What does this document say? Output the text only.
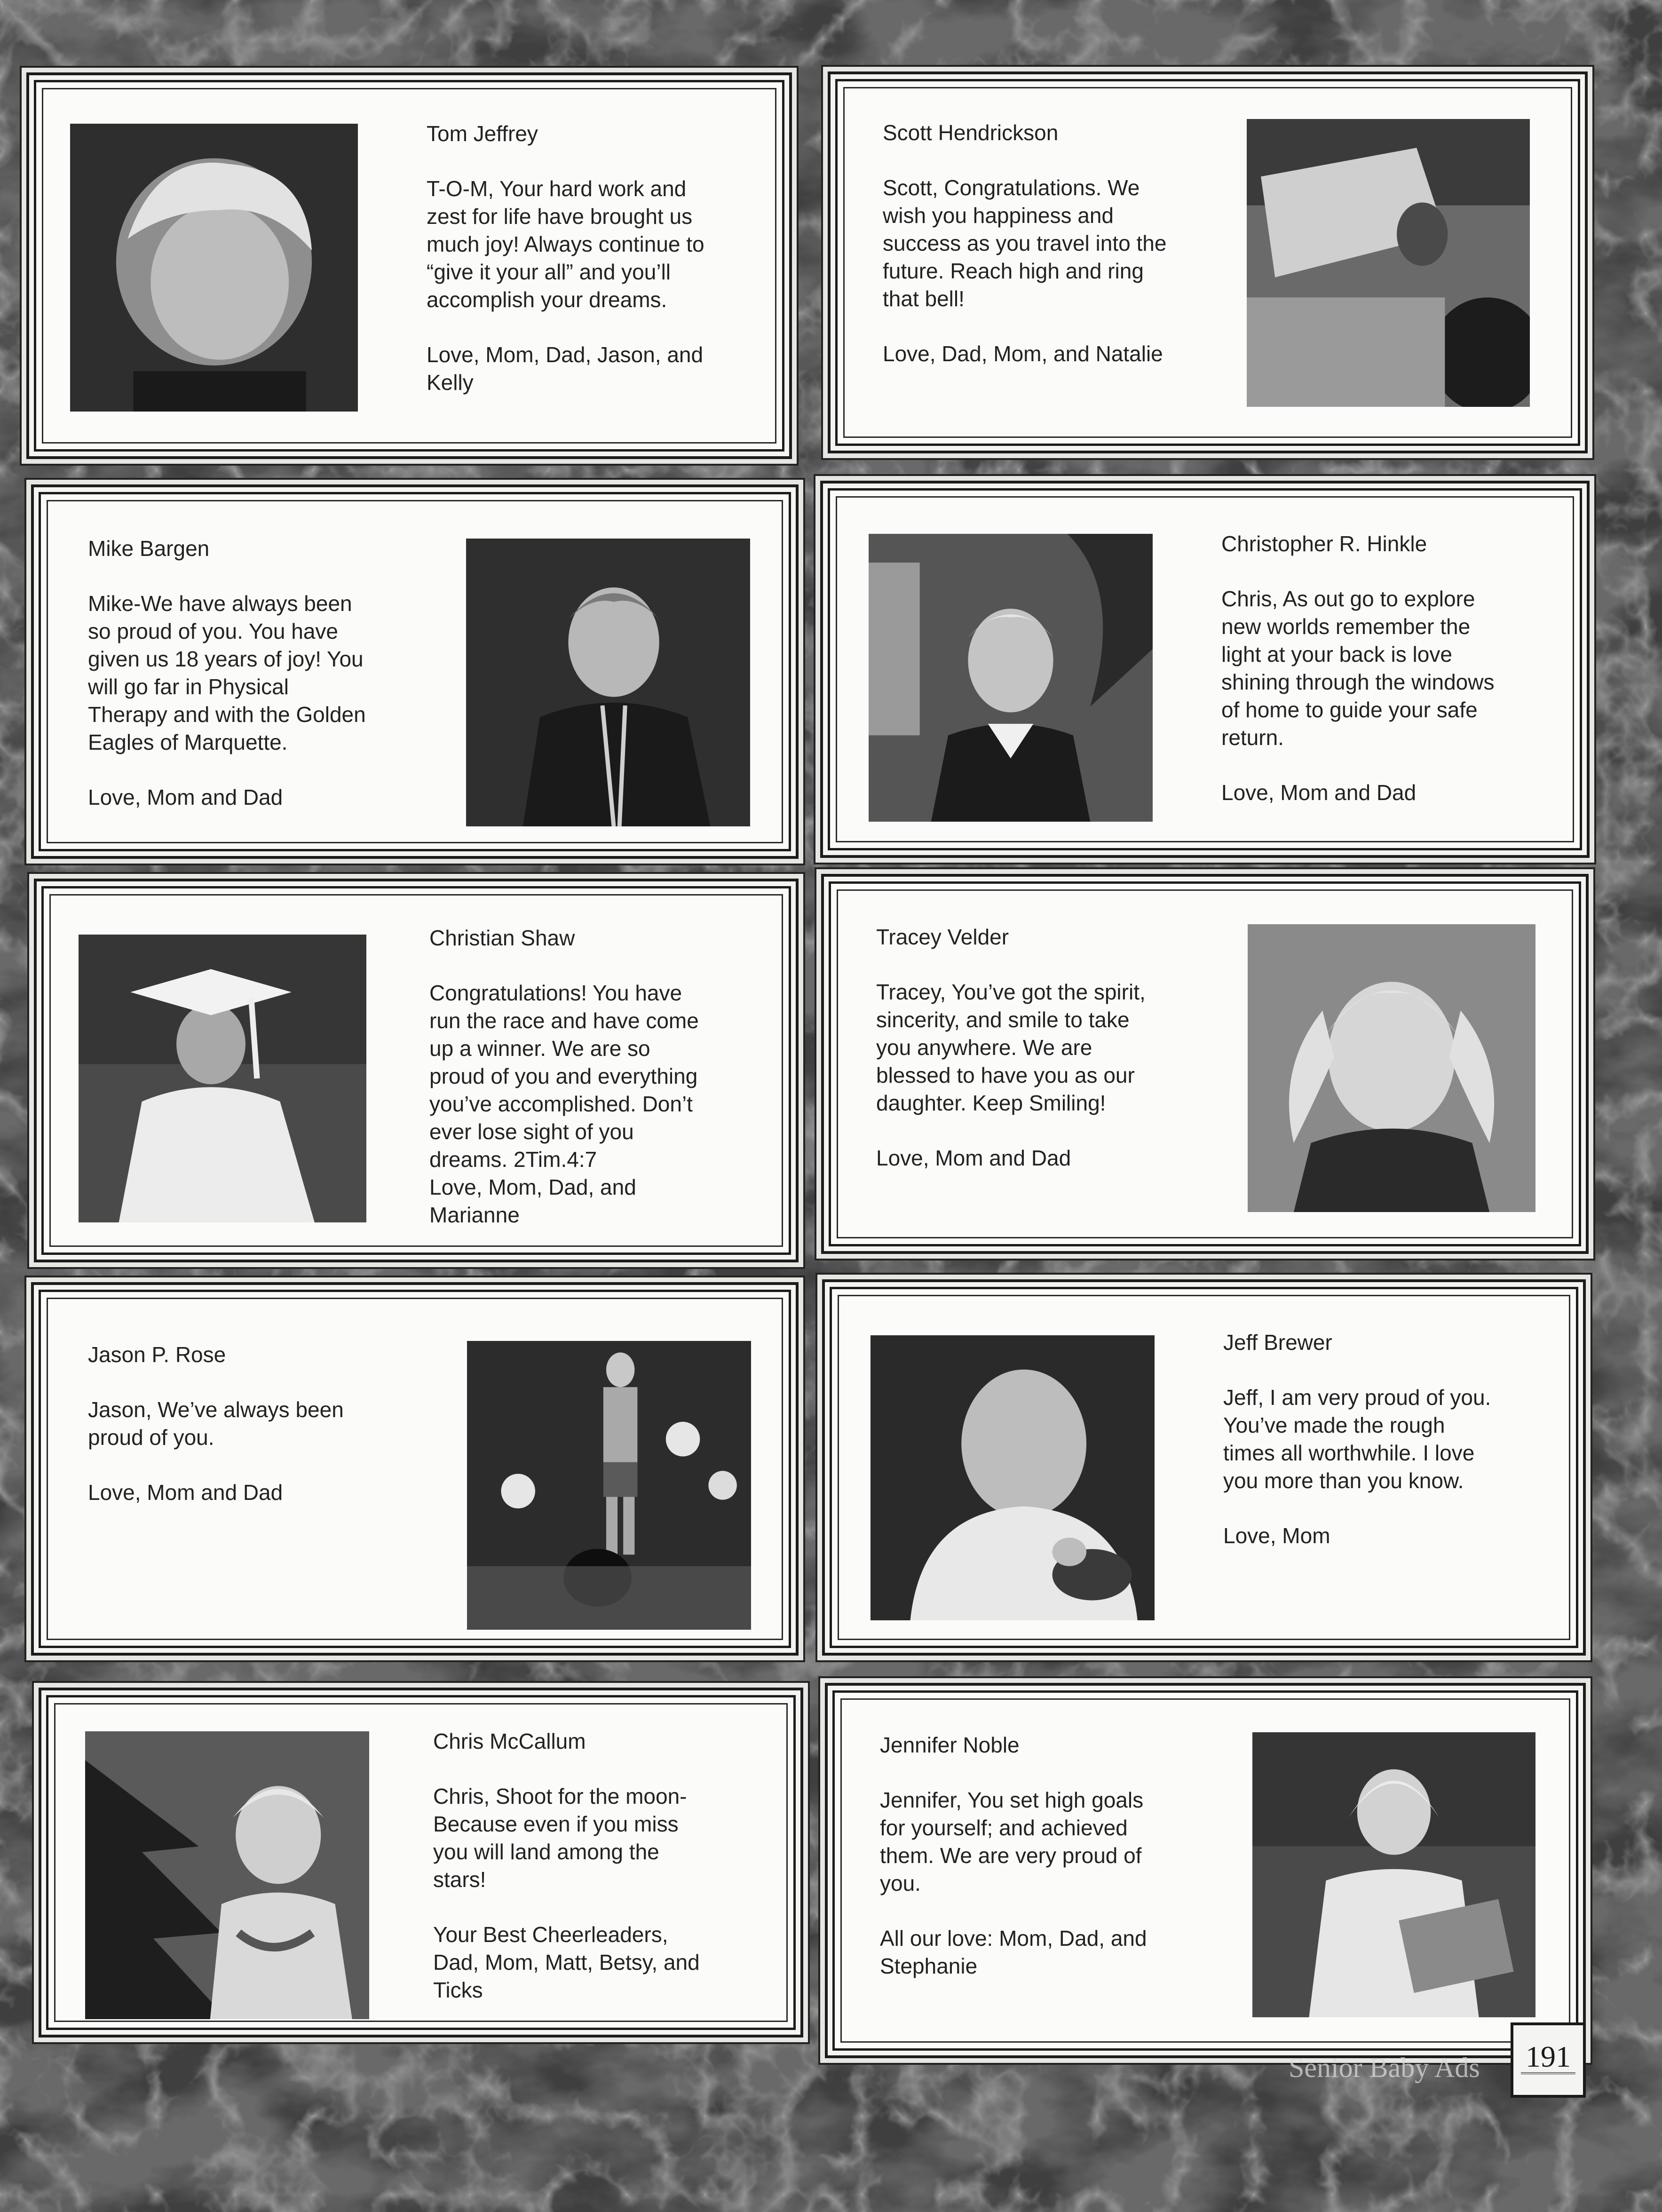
Tom Jeffrey
T-O-M, Your hard work and
zest for life have brought us
much joy! Always continue to
“give it your all” and you’ll
accomplish your dreams.
Love, Mom, Dad, Jason, and
Kelly
Scott Hendrickson
Scott, Congratulations. We
wish you happiness and
success as you travel into the
future. Reach high and ring
that bell!
Love, Dad, Mom, and Natalie
Mike Bargen
Mike-We have always been
so proud of you. You have
given us 18 years of joy! You
will go far in Physical
Therapy and with the Golden
Eagles of Marquette.
Love, Mom and Dad
Christopher R. Hinkle
Chris, As out go to explore
new worlds remember the
light at your back is love
shining through the windows
of home to guide your safe
return.
Love, Mom and Dad
Christian Shaw
Congratulations! You have
run the race and have come
up a winner. We are so
proud of you and everything
you’ve accomplished. Don’t
ever lose sight of you
dreams. 2Tim.4:7
Love, Mom, Dad, and
Marianne
Tracey Velder
Tracey, You’ve got the spirit,
sincerity, and smile to take
you anywhere. We are
blessed to have you as our
daughter. Keep Smiling!
Love, Mom and Dad
Jason P. Rose
Jason, We’ve always been
proud of you.
Love, Mom and Dad
Jeff Brewer
Jeff, I am very proud of you.
You’ve made the rough
times all worthwhile. I love
you more than you know.
Love, Mom
Chris McCallum
Chris, Shoot for the moon-
Because even if you miss
you will land among the
stars!
Your Best Cheerleaders,
Dad, Mom, Matt, Betsy, and
Ticks
Jennifer Noble
Jennifer, You set high goals
for yourself; and achieved
them. We are very proud of
you.
All our love: Mom, Dad, and
Stephanie
Senior Baby Ads	191
